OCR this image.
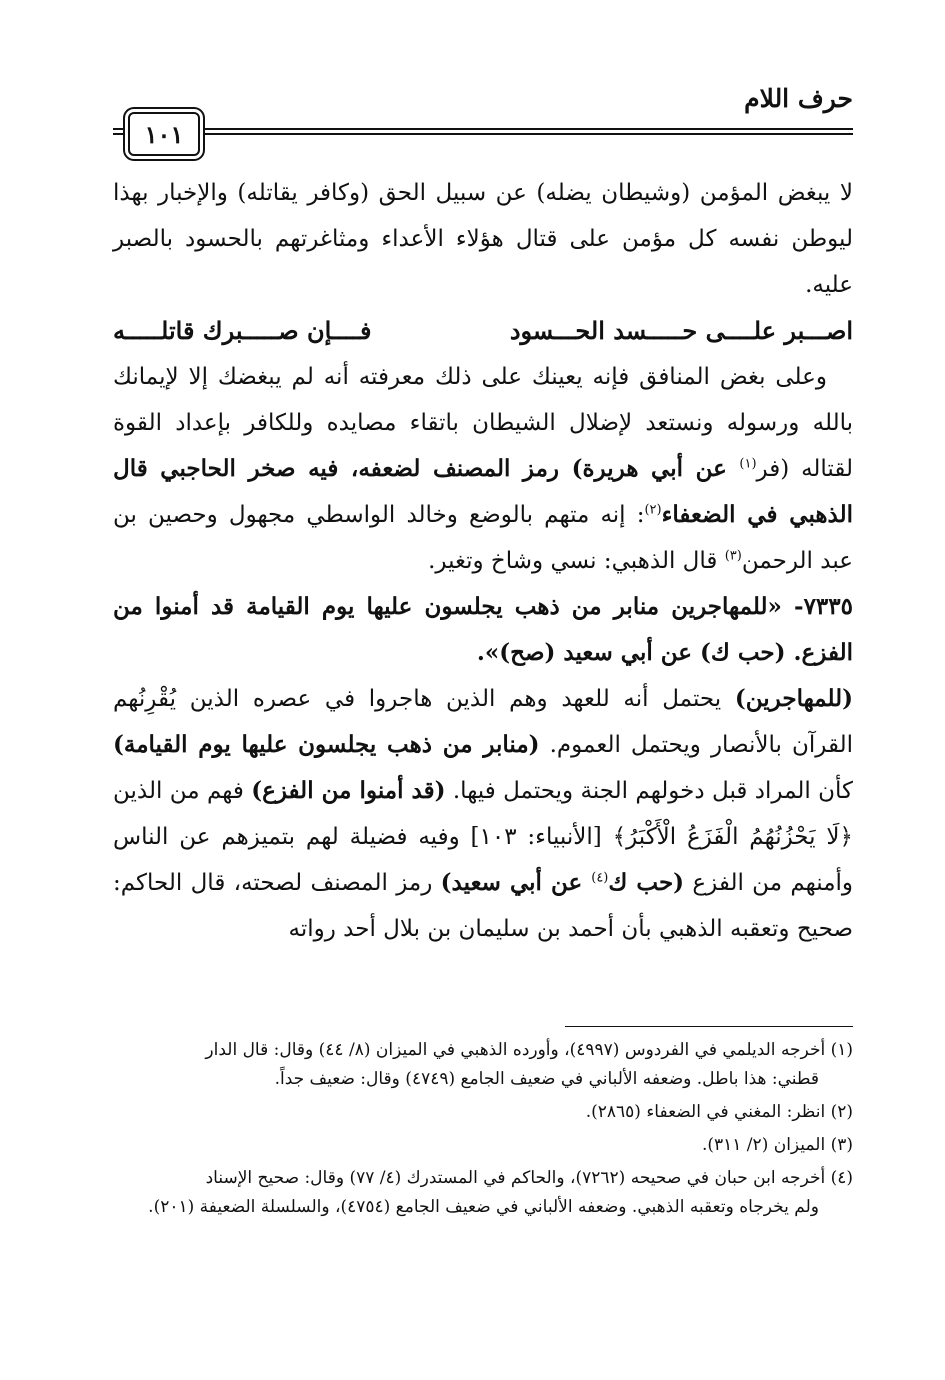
حرف اللام
١٠١

لا يبغض المؤمن (وشيطان يضله) عن سبيل الحق (وكافر يقاتله) والإخبار بهذا ليوطن نفسه كل مؤمن على قتال هؤلاء الأعداء ومثاغرتهم بالحسود بالصبر عليه.

اصـــبر علــــى حـــــسد الحـــسود
فــــإن صـــــبرك قاتلـــــه

وعلى بغض المنافق فإنه يعينك على ذلك معرفته أنه لم يبغضك إلا لإيمانك بالله ورسوله ونستعد لإضلال الشيطان باتقاء مصايده وللكافر بإعداد القوة لقتاله (فر$^{(١)}$ عن أبي هريرة) رمز المصنف لضعفه، فيه صخر الحاجبي قال الذهبي في الضعفاء$^{(٢)}$: إنه متهم بالوضع وخالد الواسطي مجهول وحصين بن عبد الرحمن$^{(٣)}$ قال الذهبي: نسي وشاخ وتغير.

٧٣٣٥- «للمهاجرين منابر من ذهب يجلسون عليها يوم القيامة قد أمنوا من الفزع. (حب ك) عن أبي سعيد (صح)».

(للمهاجرين) يحتمل أنه للعهد وهم الذين هاجروا في عصره الذين يُقْرِنُهم القرآن بالأنصار ويحتمل العموم. (منابر من ذهب يجلسون عليها يوم القيامة) كأن المراد قبل دخولهم الجنة ويحتمل فيها. (قد أمنوا من الفزع) فهم من الذين ﴿لَا يَحْزُنُهُمُ الْفَزَعُ الْأَكْبَرُ﴾ [الأنبياء: ١٠٣] وفيه فضيلة لهم بتميزهم عن الناس وأمنهم من الفزع (حب ك$^{(٤)}$ عن أبي سعيد) رمز المصنف لصحته، قال الحاكم: صحيح وتعقبه الذهبي بأن أحمد بن سليمان بن بلال أحد رواته

(١) أخرجه الديلمي في الفردوس (٤٩٩٧)، وأورده الذهبي في الميزان (٨/ ٤٤) وقال: قال الدار
قطني: هذا باطل. وضعفه الألباني في ضعيف الجامع (٤٧٤٩) وقال: ضعيف جداً.

(٢) انظر: المغني في الضعفاء (٢٨٦٥).

(٣) الميزان (٢/ ٣١١).

(٤) أخرجه ابن حبان في صحيحه (٧٢٦٢)، والحاكم في المستدرك (٤/ ٧٧) وقال: صحيح الإسناد
ولم يخرجاه وتعقبه الذهبي. وضعفه الألباني في ضعيف الجامع (٤٧٥٤)، والسلسلة الضعيفة (٢٠١).
